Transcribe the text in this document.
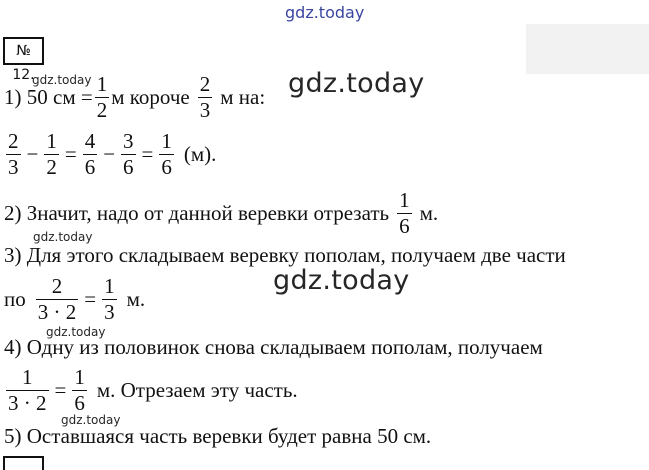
gdz.today
№ 12.
gdz.today
gdz.today
gdz.today
gdz.today
gdz.today
gdz.today
1) 50 см = $\frac{1}{2}$ м короче $\frac{2}{3}$ м на:
$\frac{2}{3} - \frac{1}{2} = \frac{4}{6} - \frac{3}{6} = \frac{1}{6} (м)$.
2) Значит, надо от данной веревки отрезать $\frac{1}{6} м$.
3) Для этого складываем веревку пополам, получаем две части
по $\frac{2}{3 \cdot 2} = \frac{1}{3} м$.
4) Одну из половинок снова складываем пополам, получаем
$\frac{1}{3 \cdot 2} = \frac{1}{6} м$. Отрезаем эту часть.
5) Оставшаяся часть веревки будет равна 50 см.
